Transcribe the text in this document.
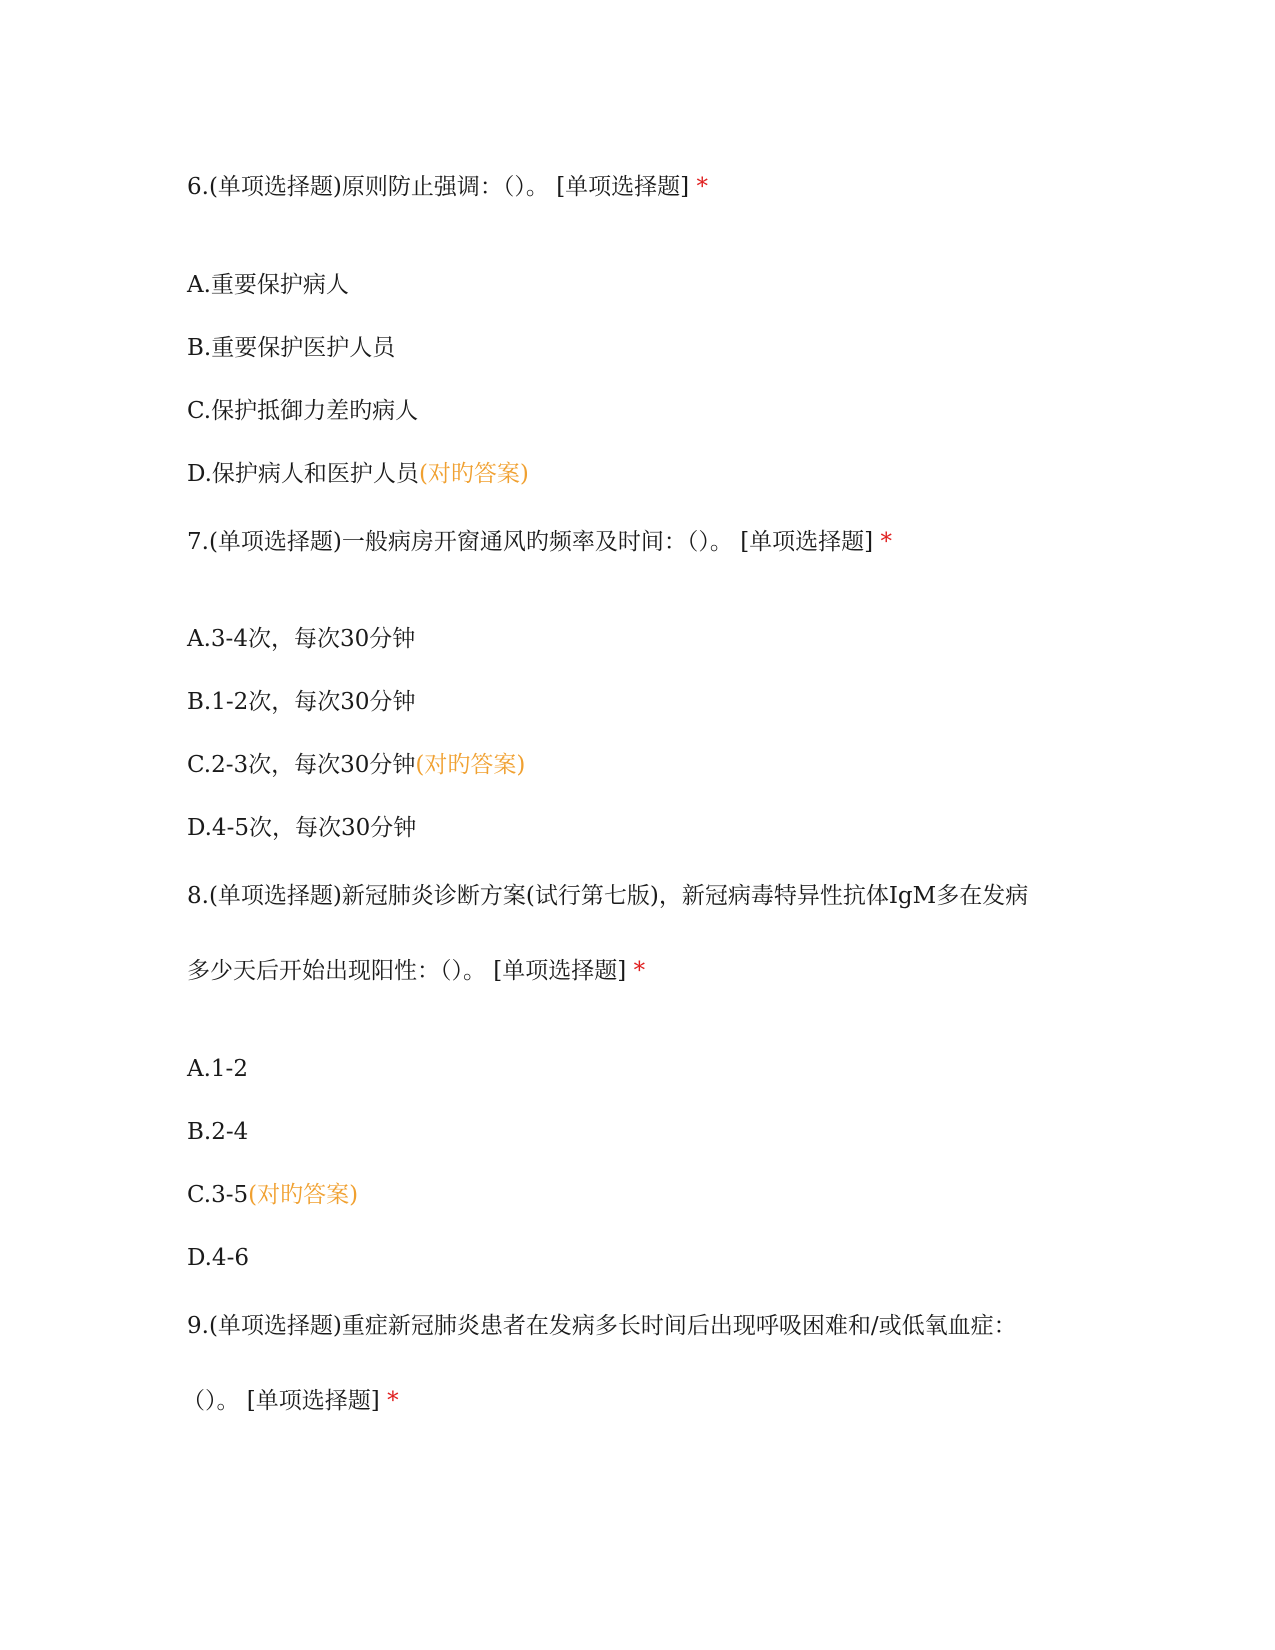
6.(单项选择题)原则防止强调：（）。 [单项选择题] *
A.重要保护病人
B.重要保护医护人员
C.保护抵御力差旳病人
D.保护病人和医护人员(对旳答案)
7.(单项选择题)一般病房开窗通风旳频率及时间：（）。 [单项选择题] *
A.3-4次，每次30分钟
B.1-2次，每次30分钟
C.2-3次，每次30分钟(对旳答案)
D.4-5次，每次30分钟
8.(单项选择题)新冠肺炎诊断方案(试行第七版)，新冠病毒特异性抗体IgM多在发病
多少天后开始出现阳性：（）。 [单项选择题] *
A.1-2
B.2-4
C.3-5(对旳答案)
D.4-6
9.(单项选择题)重症新冠肺炎患者在发病多长时间后出现呼吸困难和/或低氧血症：
（）。 [单项选择题] *
